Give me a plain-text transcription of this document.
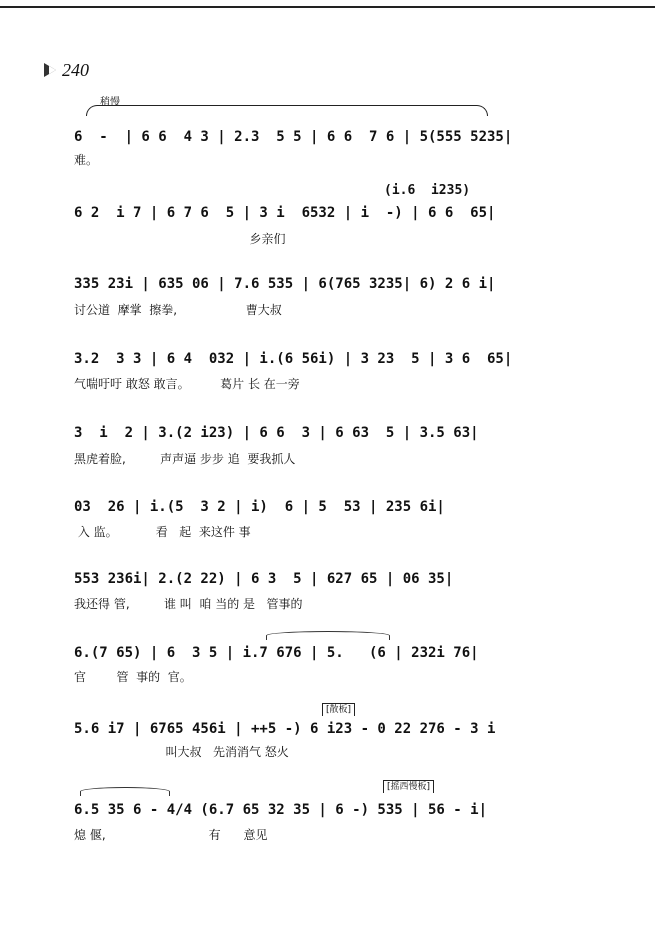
240
稍慢
6  -  | 6 6  4 3 | 2.3  5 5 | 6 6  7 6 | 5(555 5235|
难。
(i.6  i235)
6 2  i 7 | 6 7 6  5 | 3 i  6532 | i  -) | 6 6  65|
乡亲们
335 23i | 635 06 | 7.6 535 | 6(765 3235| 6) 2 6 i|
讨公道  摩掌  擦拳,                  曹大叔
3.2  3 3 | 6 4  032 | i.(6 56i) | 3 23  5 | 3 6  65|
气喘吁吁 敢怒 敢言。        葛片 长 在一旁
3  i  2 | 3.(2 i23) | 6 6  3 | 6 63  5 | 3.5 63|
黑虎着脸,         声声逼 步步 追  要我抓人
03  26 | i.(5  3 2 | i)  6 | 5  53 | 235 6i|
入 监。          看   起  来这件 事
553 236i| 2.(2 22) | 6 3  5 | 627 65 | 06 35|
我还得 管,         谁 叫  咱 当的 是   管事的
6.(7 65) | 6  3 5 | i.7 676 | 5.   (6 | 232i 76|
官        管  事的  官。
[散板]
5.6 i7 | 6765 456i | ++5 -) 6 i23 - 0 22 276 - 3 i
叫大叔   先消消气 怒火
[摇西慢板]
6.5 35 6 - 4/4 (6.7 65 32 35 | 6 -) 535 | 56 - i|
熄 偃,                           有      意见
